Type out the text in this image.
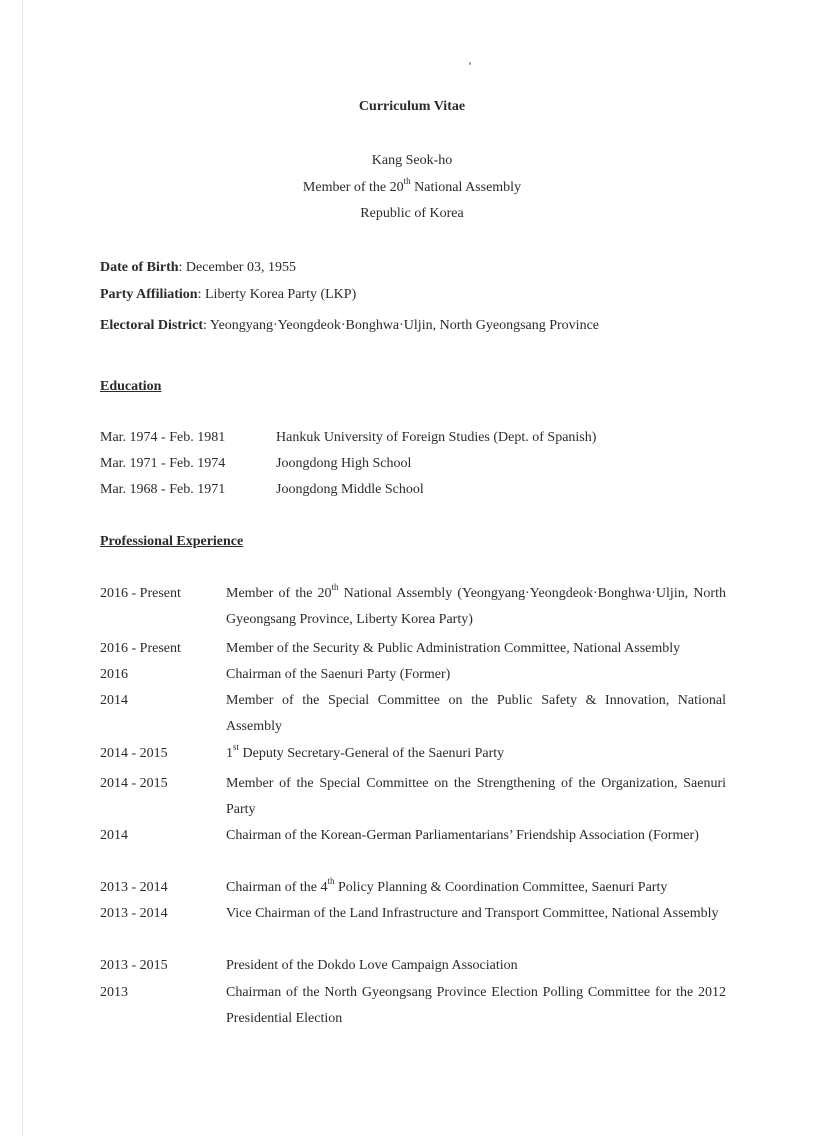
Curriculum Vitae
Kang Seok-ho
Member of the 20th National Assembly
Republic of Korea
Date of Birth: December 03, 1955
Party Affiliation: Liberty Korea Party (LKP)
Electoral District: Yeongyang·Yeongdeok·Bonghwa·Uljin, North Gyeongsang Province
Education
Mar. 1974 - Feb. 1981	Hankuk University of Foreign Studies (Dept. of Spanish)
Mar. 1971 - Feb. 1974	Joongdong High School
Mar. 1968 - Feb. 1971	Joongdong Middle School
Professional Experience
2016 - Present	Member of the 20th National Assembly (Yeongyang·Yeongdeok·Bonghwa·Uljin, North Gyeongsang Province, Liberty Korea Party)
2016 - Present	Member of the Security & Public Administration Committee, National Assembly
2016	Chairman of the Saenuri Party (Former)
2014	Member of the Special Committee on the Public Safety & Innovation, National Assembly
2014 - 2015	1st Deputy Secretary-General of the Saenuri Party
2014 - 2015	Member of the Special Committee on the Strengthening of the Organization, Saenuri Party
2014	Chairman of the Korean-German Parliamentarians’ Friendship Association (Former)
2013 - 2014	Chairman of the 4th Policy Planning & Coordination Committee, Saenuri Party
2013 - 2014	Vice Chairman of the Land Infrastructure and Transport Committee, National Assembly
2013 - 2015	President of the Dokdo Love Campaign Association
2013	Chairman of the North Gyeongsang Province Election Polling Committee for the 2012 Presidential Election
